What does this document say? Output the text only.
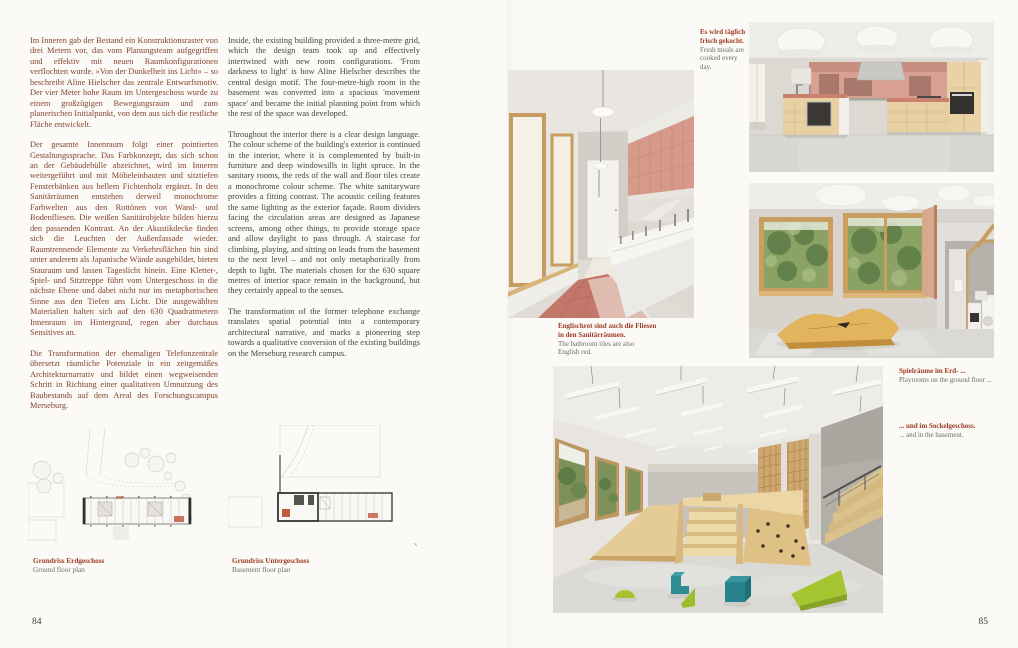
Im Inneren gab der Bestand ein Konstruktionsraster von drei Metern vor, das vom Planungsteam aufgegriffen und effektiv mit neuen Raumkonfigurationen verflochten wurde. »Von der Dunkelheit ins Licht« – so beschreibt Aline Hielscher das zentrale Entwurfsmotiv. Der vier Meter hohe Raum im Untergeschoss wurde zu einem großzügigen Bewegungsraum und zum planerischen Initialpunkt, von dem aus sich die restliche Fläche entwickelt.

Der gesamte Innenraum folgt einer pointierten Gestaltungssprache. Das Farbkonzept, das sich schon an der Gebäudehülle abzeichnet, wird im Inneren weitergeführt und mit Möbeleinbauten und sitztiefen Fensterbänken aus hellem Fichtenholz ergänzt. In den Sanitärräumen entstehen derweil monochrome Farbwelten aus den Rottönen von Wand- und Bodenfliesen. Die weißen Sanitärobjekte bilden hierzu den passenden Kontrast. An der Akustikdecke finden sich die Leuchten der Außenfassade wieder. Raumtrennende Elemente zu Verkehrsflächen hin sind unter anderem als Japanische Wände ausgebildet, bieten Stauraum und lassen Tageslicht hinein. Eine Kletter-, Spiel- und Sitztreppe führt vom Untergeschoss in die nächste Ebene und dabei nicht nur im metaphorischen Sinne aus den Tiefen ans Licht. Die ausgewählten Materialien halten sich auf den 630 Quadratmetern Innenraum im Hintergrund, regen aber durchaus Sensitives an.

Die Transformation der ehemaligen Telefonzentrale übersetzt räumliche Potenziale in ein zeitgemäßes Architekturnarrativ und bildet einen wegweisenden Schritt in Richtung einer qualitativen Umnutzung des Baubestands auf dem Areal des Forschungscampus Merseburg.

Inside, the existing building provided a three-metre grid, which the design team took up and effectively intertwined with new room configurations. 'From darkness to light' is how Aline Hielscher describes the central design motif. The four-metre-high room in the basement was converted into a spacious 'movement space' and became the initial planning point from which the rest of the space was developed.

Throughout the interior there is a clear design language. The colour scheme of the building's exterior is continued in the interior, where it is complemented by built-in furniture and deep windowsills in light spruce. In the sanitary rooms, the reds of the wall and floor tiles create a monochrome colour scheme. The white sanitaryware provides a fitting contrast. The acoustic ceiling features the same lighting as the exterior façade. Room dividers facing the circulation areas are designed as Japanese screens, among other things, to provide storage space and allow daylight to pass through. A staircase for climbing, playing, and sitting on leads from the basement to the next level – and not only metaphorically from depth to light. The materials chosen for the 630 square metres of interior space remain in the background, but they certainly appeal to the senses.

The transformation of the former telephone exchange translates spatial potential into a contemporary architectural narrative, and marks a pioneering step towards a qualitative conversion of the existing buildings on the Merseburg research campus.

Grundriss Erdgeschoss
Ground floor plan
Grundriss Untergeschoss
Basement floor plan
84
Englischrot sind auch die Fliesen
in den Sanitärräumen.
The bathroom tiles are also
English red.
Es wird täglich
frisch gekocht.
Fresh meals are
cooked every day.
Spielräume im Erd- ...
Playrooms on the ground floor ...
... und im Sockelgeschoss.
... and in the basement.
85
